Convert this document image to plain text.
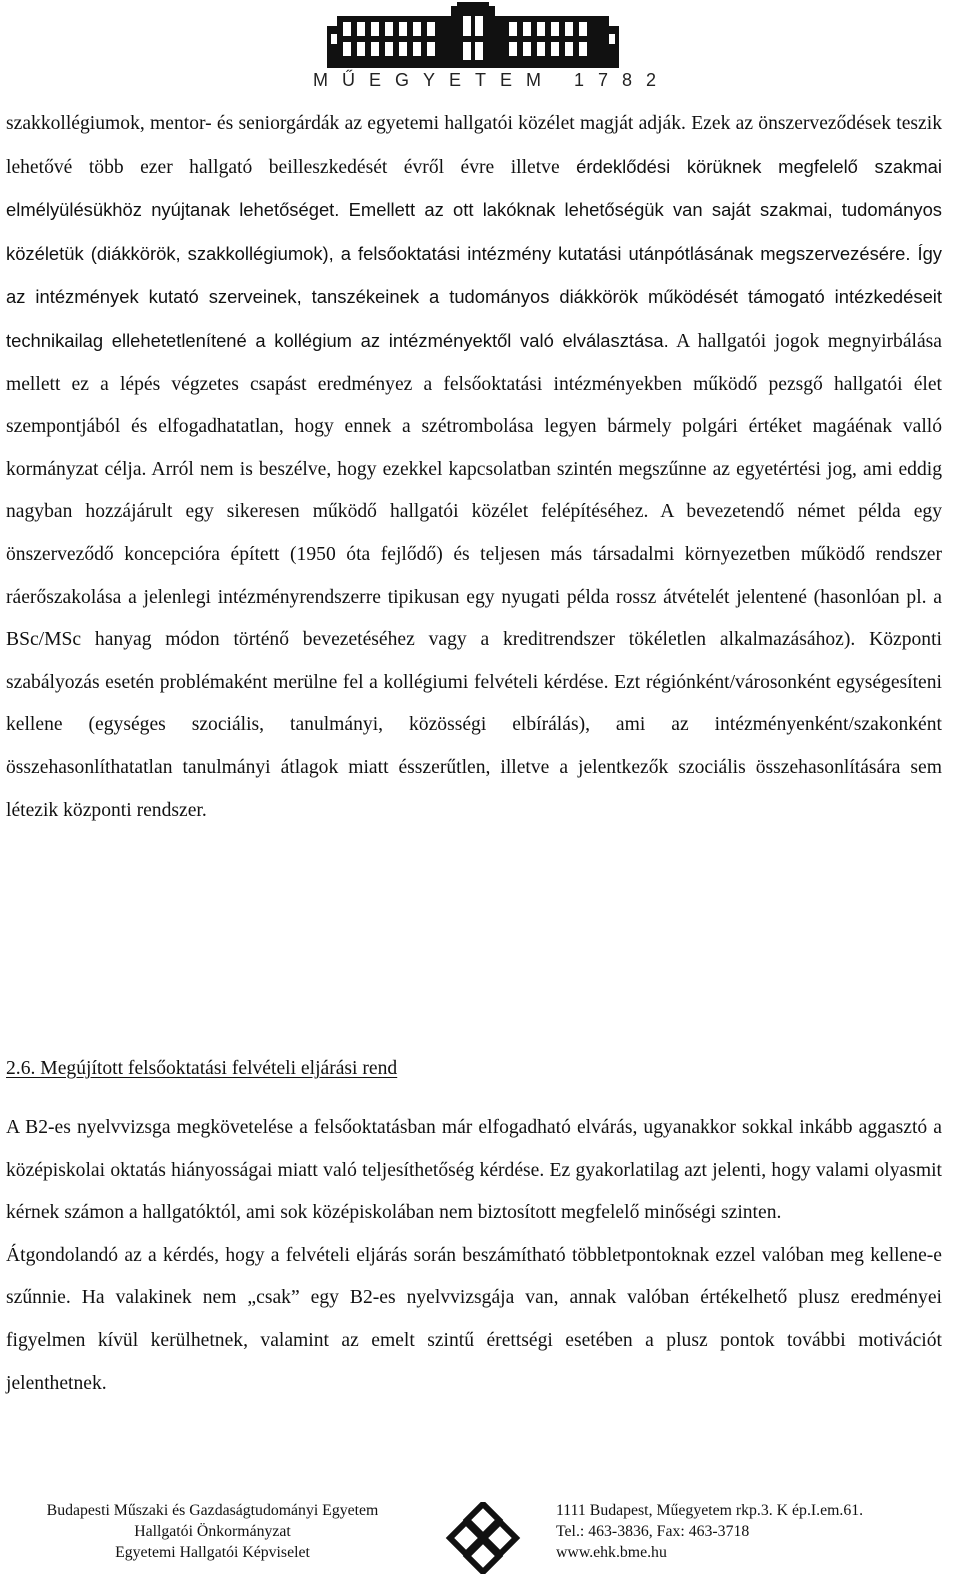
MŰEGYETEM 1782

szakkollégiumok, mentor- és seniorgárdák az egyetemi hallgatói közélet magját adják. Ezek az önszerveződések teszik lehetővé több ezer hallgató beilleszkedését évről évre illetve érdeklődési körüknek megfelelő szakmai elmélyülésükhöz nyújtanak lehetőséget. Emellett az ott lakóknak lehetőségük van saját szakmai, tudományos közéletük (diákkörök, szakkollégiumok), a felsőoktatási intézmény kutatási utánpótlásának megszervezésére. Így az intézmények kutató szerveinek, tanszékeinek a tudományos diákkörök működését támogató intézkedéseit technikailag ellehetetlenítené a kollégium az intézményektől való elválasztása. A hallgatói jogok megnyirbálása mellett ez a lépés végzetes csapást eredményez a felsőoktatási intézményekben működő pezsgő hallgatói élet szempontjából és elfogadhatatlan, hogy ennek a szétrombolása legyen bármely polgári értéket magáénak valló kormányzat célja. Arról nem is beszélve, hogy ezekkel kapcsolatban szintén megszűnne az egyetértési jog, ami eddig nagyban hozzájárult egy sikeresen működő hallgatói közélet felépítéséhez. A bevezetendő német példa egy önszerveződő koncepcióra épített (1950 óta fejlődő) és teljesen más társadalmi környezetben működő rendszer ráerőszakolása a jelenlegi intézményrendszerre tipikusan egy nyugati példa rossz átvételét jelentené (hasonlóan pl. a BSc/MSc hanyag módon történő bevezetéséhez vagy a kreditrendszer tökéletlen alkalmazásához). Központi szabályozás esetén problémaként merülne fel a kollégiumi felvételi kérdése. Ezt régiónként/városonként egységesíteni kellene (egységes szociális, tanulmányi, közösségi elbírálás), ami az intézményenként/szakonként összehasonlíthatatlan tanulmányi átlagok miatt ésszerűtlen, illetve a jelentkezők szociális összehasonlítására sem létezik központi rendszer.

2.6. Megújított felsőoktatási felvételi eljárási rend

A B2-es nyelvvizsga megkövetelése a felsőoktatásban már elfogadható elvárás, ugyanakkor sokkal inkább aggasztó a középiskolai oktatás hiányosságai miatt való teljesíthetőség kérdése. Ez gyakorlatilag azt jelenti, hogy valami olyasmit kérnek számon a hallgatóktól, ami sok középiskolában nem biztosított megfelelő minőségi szinten.

Átgondolandó az a kérdés, hogy a felvételi eljárás során beszámítható többletpontoknak ezzel valóban meg kellene-e szűnnie. Ha valakinek nem „csak” egy B2-es nyelvvizsgája van, annak valóban értékelhető plusz eredményei figyelmen kívül kerülhetnek, valamint az emelt szintű érettségi esetében a plusz pontok további motivációt jelenthetnek.

Budapesti Műszaki és Gazdaságtudományi Egyetem
Hallgatói Önkormányzat
Egyetemi Hallgatói Képviselet
1111 Budapest, Műegyetem rkp.3. K ép.I.em.61.
Tel.: 463-3836, Fax: 463-3718
www.ehk.bme.hu
